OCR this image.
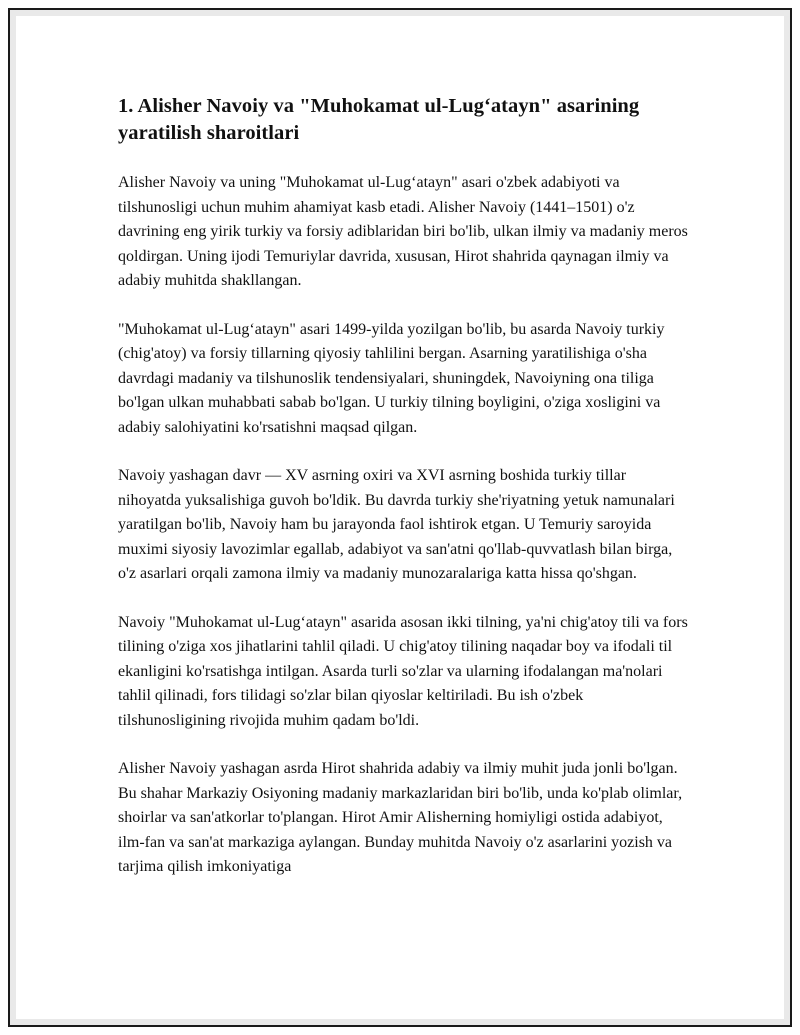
1. Alisher Navoiy va "Muhokamat ul-Lug‘atayn" asarining yaratilish sharoitlari

Alisher Navoiy va uning "Muhokamat ul-Lug‘atayn" asari o'zbek adabiyoti va tilshunosligi uchun muhim ahamiyat kasb etadi. Alisher Navoiy (1441–1501) o'z davrining eng yirik turkiy va forsiy adiblaridan biri bo'lib, ulkan ilmiy va madaniy meros qoldirgan. Uning ijodi Temuriylar davrida, xususan, Hirot shahrida qaynagan ilmiy va adabiy muhitda shakllangan.

"Muhokamat ul-Lug‘atayn" asari 1499-yilda yozilgan bo'lib, bu asarda Navoiy turkiy (chig'atoy) va forsiy tillarning qiyosiy tahlilini bergan. Asarning yaratilishiga o'sha davrdagi madaniy va tilshunoslik tendensiyalari, shuningdek, Navoiyning ona tiliga bo'lgan ulkan muhabbati sabab bo'lgan. U turkiy tilning boyligini, o'ziga xosligini va adabiy salohiyatini ko'rsatishni maqsad qilgan.

Navoiy yashagan davr — XV asrning oxiri va XVI asrning boshida turkiy tillar nihoyatda yuksalishiga guvoh bo'ldik. Bu davrda turkiy she'riyatning yetuk namunalari yaratilgan bo'lib, Navoiy ham bu jarayonda faol ishtirok etgan. U Temuriy saroyida muximi siyosiy lavozimlar egallab, adabiyot va san'atni qo'llab-quvvatlash bilan birga, o'z asarlari orqali zamona ilmiy va madaniy munozaralariga katta hissa qo'shgan.

Navoiy "Muhokamat ul-Lug‘atayn" asarida asosan ikki tilning, ya'ni chig'atoy tili va fors tilining o'ziga xos jihatlarini tahlil qiladi. U chig'atoy tilining naqadar boy va ifodali til ekanligini ko'rsatishga intilgan. Asarda turli so'zlar va ularning ifodalangan ma'nolari tahlil qilinadi, fors tilidagi so'zlar bilan qiyoslar keltiriladi. Bu ish o'zbek tilshunosligining rivojida muhim qadam bo'ldi.

Alisher Navoiy yashagan asrda Hirot shahrida adabiy va ilmiy muhit juda jonli bo'lgan. Bu shahar Markaziy Osiyoning madaniy markazlaridan biri bo'lib, unda ko'plab olimlar, shoirlar va san'atkorlar to'plangan. Hirot Amir Alisherning homiyligi ostida adabiyot, ilm-fan va san'at markaziga aylangan. Bunday muhitda Navoiy o'z asarlarini yozish va tarjima qilish imkoniyatiga
